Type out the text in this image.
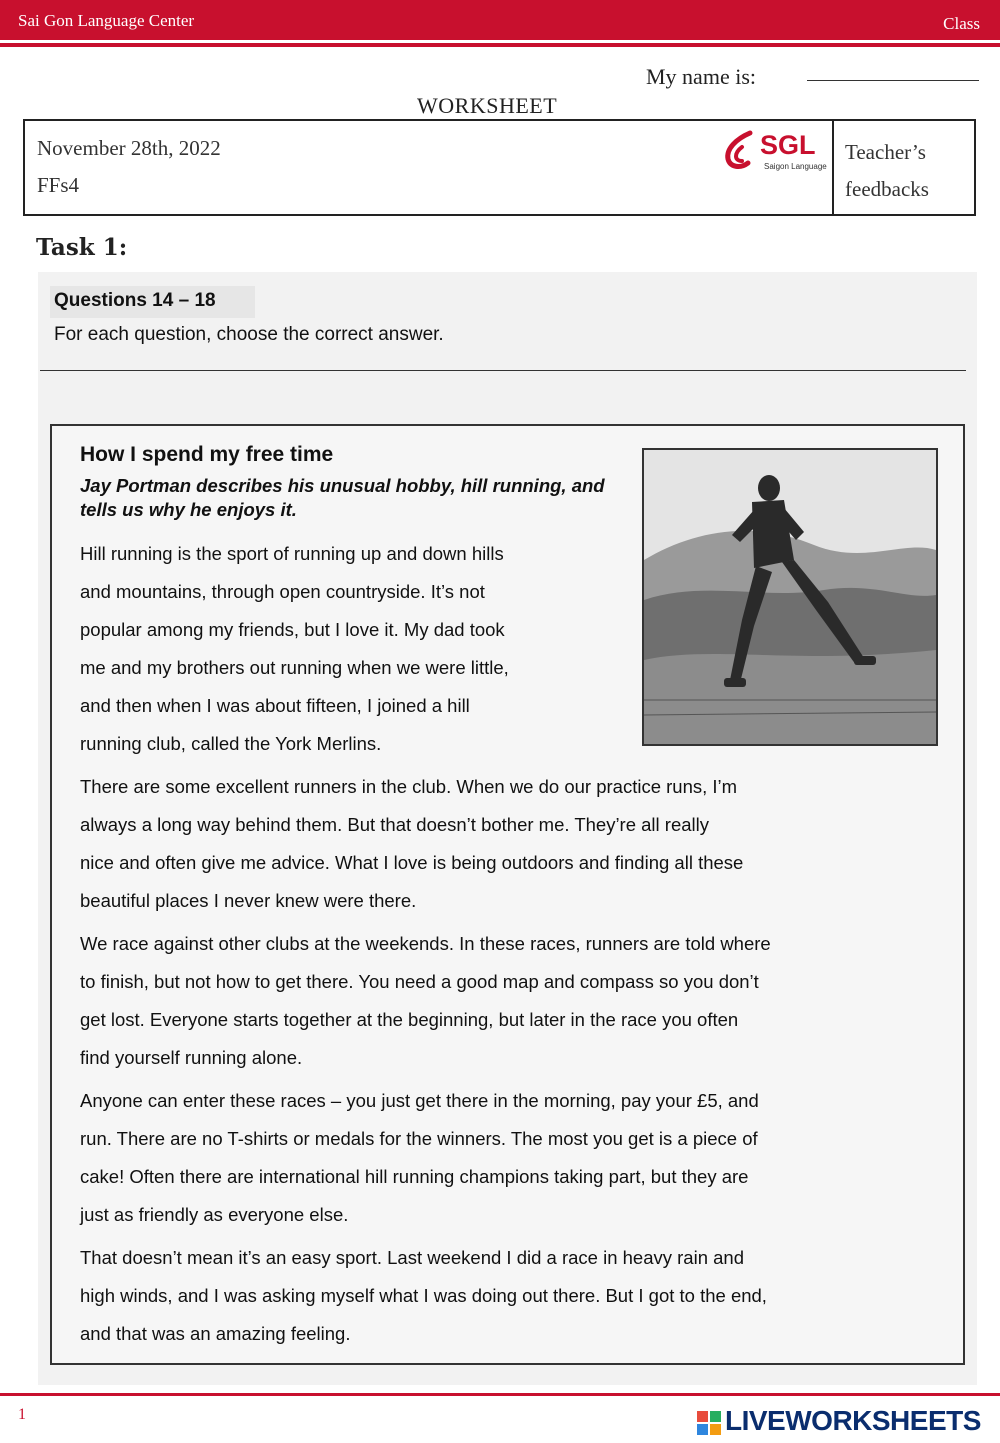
Sai Gon Language Center	Class
My name is:
WORKSHEET
November 28th, 2022
FFs4
SGL
Saigon Language
Teacher’s
feedbacks
Task 1:
Questions 14 – 18
For each question, choose the correct answer.
How I spend my free time
Jay Portman describes his unusual hobby, hill running, and tells us why he enjoys it.
Hill running is the sport of running up and down hills
and mountains, through open countryside. It’s not
popular among my friends, but I love it. My dad took
me and my brothers out running when we were little,
and then when I was about fifteen, I joined a hill
running club, called the York Merlins.
There are some excellent runners in the club. When we do our practice runs, I’m
always a long way behind them. But that doesn’t bother me. They’re all really
nice and often give me advice. What I love is being outdoors and finding all these
beautiful places I never knew were there.
We race against other clubs at the weekends. In these races, runners are told where
to finish, but not how to get there. You need a good map and compass so you don’t
get lost. Everyone starts together at the beginning, but later in the race you often
find yourself running alone.
Anyone can enter these races – you just get there in the morning, pay your £5, and
run. There are no T-shirts or medals for the winners. The most you get is a piece of
cake! Often there are international hill running champions taking part, but they are
just as friendly as everyone else.
That doesn’t mean it’s an easy sport. Last weekend I did a race in heavy rain and
high winds, and I was asking myself what I was doing out there. But I got to the end,
and that was an amazing feeling.
1	LIVEWORKSHEETS
